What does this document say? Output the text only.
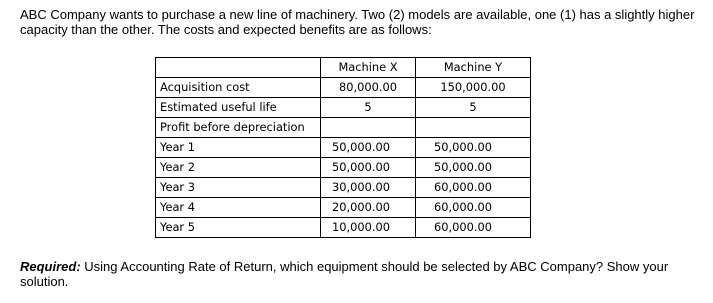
ABC Company wants to purchase a new line of machinery. Two (2) models are available, one (1) has a slightly higher capacity than the other. The costs and expected benefits are as follows:

	Machine X	Machine Y
Acquisition cost	80,000.00	150,000.00
Estimated useful life	5	5
Profit before depreciation		
Year 1	50,000.00	50,000.00
Year 2	50,000.00	50,000.00
Year 3	30,000.00	60,000.00
Year 4	20,000.00	60,000.00
Year 5	10,000.00	60,000.00

Required: Using Accounting Rate of Return, which equipment should be selected by ABC Company? Show your solution.
